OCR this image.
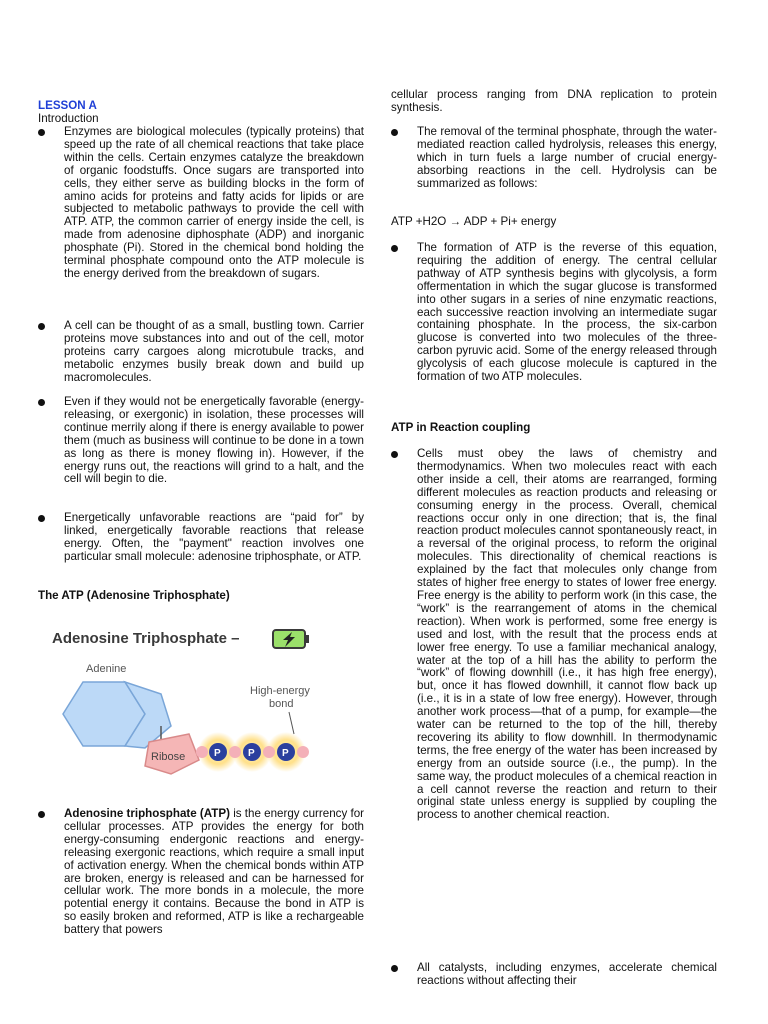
LESSON A
Introduction
Enzymes are biological molecules (typically proteins) that speed up the rate of all chemical reactions that take place within the cells. Certain enzymes catalyze the breakdown of organic foodstuffs. Once sugars are transported into cells, they either serve as building blocks in the form of amino acids for proteins and fatty acids for lipids or are subjected to metabolic pathways to provide the cell with ATP. ATP, the common carrier of energy inside the cell, is made from adenosine diphosphate (ADP) and inorganic phosphate (Pi). Stored in the chemical bond holding the terminal phosphate compound onto the ATP molecule is the energy derived from the breakdown of sugars.
A cell can be thought of as a small, bustling town. Carrier proteins move substances into and out of the cell, motor proteins carry cargoes along microtubule tracks, and metabolic enzymes busily break down and build up macromolecules.
Even if they would not be energetically favorable (energy-releasing, or exergonic) in isolation, these processes will continue merrily along if there is energy available to power them (much as business will continue to be done in a town as long as there is money flowing in). However, if the energy runs out, the reactions will grind to a halt, and the cell will begin to die.
Energetically unfavorable reactions are “paid for” by linked, energetically favorable reactions that release energy. Often, the "payment" reaction involves one particular small molecule: adenosine triphosphate, or ATP.
The ATP (Adenosine Triphosphate)
Adenosine triphosphate (ATP) is the energy currency for cellular processes. ATP provides the energy for both energy-consuming endergonic reactions and energy-releasing exergonic reactions, which require a small input of activation energy. When the chemical bonds within ATP are broken, energy is released and can be harnessed for cellular work. The more bonds in a molecule, the more potential energy it contains. Because the bond in ATP is so easily broken and reformed, ATP is like a rechargeable battery that powers
Adenosine Triphosphate –
Adenine
High-energy
bond
Ribose	P	P	P
cellular process ranging from DNA replication to protein synthesis.
The removal of the terminal phosphate, through the water-mediated reaction called hydrolysis, releases this energy, which in turn fuels a large number of crucial energy-absorbing reactions in the cell. Hydrolysis can be summarized as follows:
ATP +H2O → ADP + Pi+ energy
The formation of ATP is the reverse of this equation, requiring the addition of energy. The central cellular pathway of ATP synthesis begins with glycolysis, a form offermentation in which the sugar glucose is transformed into other sugars in a series of nine enzymatic reactions, each successive reaction involving an intermediate sugar containing phosphate. In the process, the six-carbon glucose is converted into two molecules of the three-carbon pyruvic acid. Some of the energy released through glycolysis of each glucose molecule is captured in the formation of two ATP molecules.
ATP in Reaction coupling
Cells must obey the laws of chemistry and thermodynamics. When two molecules react with each other inside a cell, their atoms are rearranged, forming different molecules as reaction products and releasing or consuming energy in the process. Overall, chemical reactions occur only in one direction; that is, the final reaction product molecules cannot spontaneously react, in a reversal of the original process, to reform the original molecules. This directionality of chemical reactions is explained by the fact that molecules only change from states of higher free energy to states of lower free energy. Free energy is the ability to perform work (in this case, the “work” is the rearrangement of atoms in the chemical reaction). When work is performed, some free energy is used and lost, with the result that the process ends at lower free energy. To use a familiar mechanical analogy, water at the top of a hill has the ability to perform the “work” of flowing downhill (i.e., it has high free energy), but, once it has flowed downhill, it cannot flow back up (i.e., it is in a state of low free energy). However, through another work process—that of a pump, for example—the water can be returned to the top of the hill, thereby recovering its ability to flow downhill. In thermodynamic terms, the free energy of the water has been increased by energy from an outside source (i.e., the pump). In the same way, the product molecules of a chemical reaction in a cell cannot reverse the reaction and return to their original state unless energy is supplied by coupling the process to another chemical reaction.
All catalysts, including enzymes, accelerate chemical reactions without affecting their
